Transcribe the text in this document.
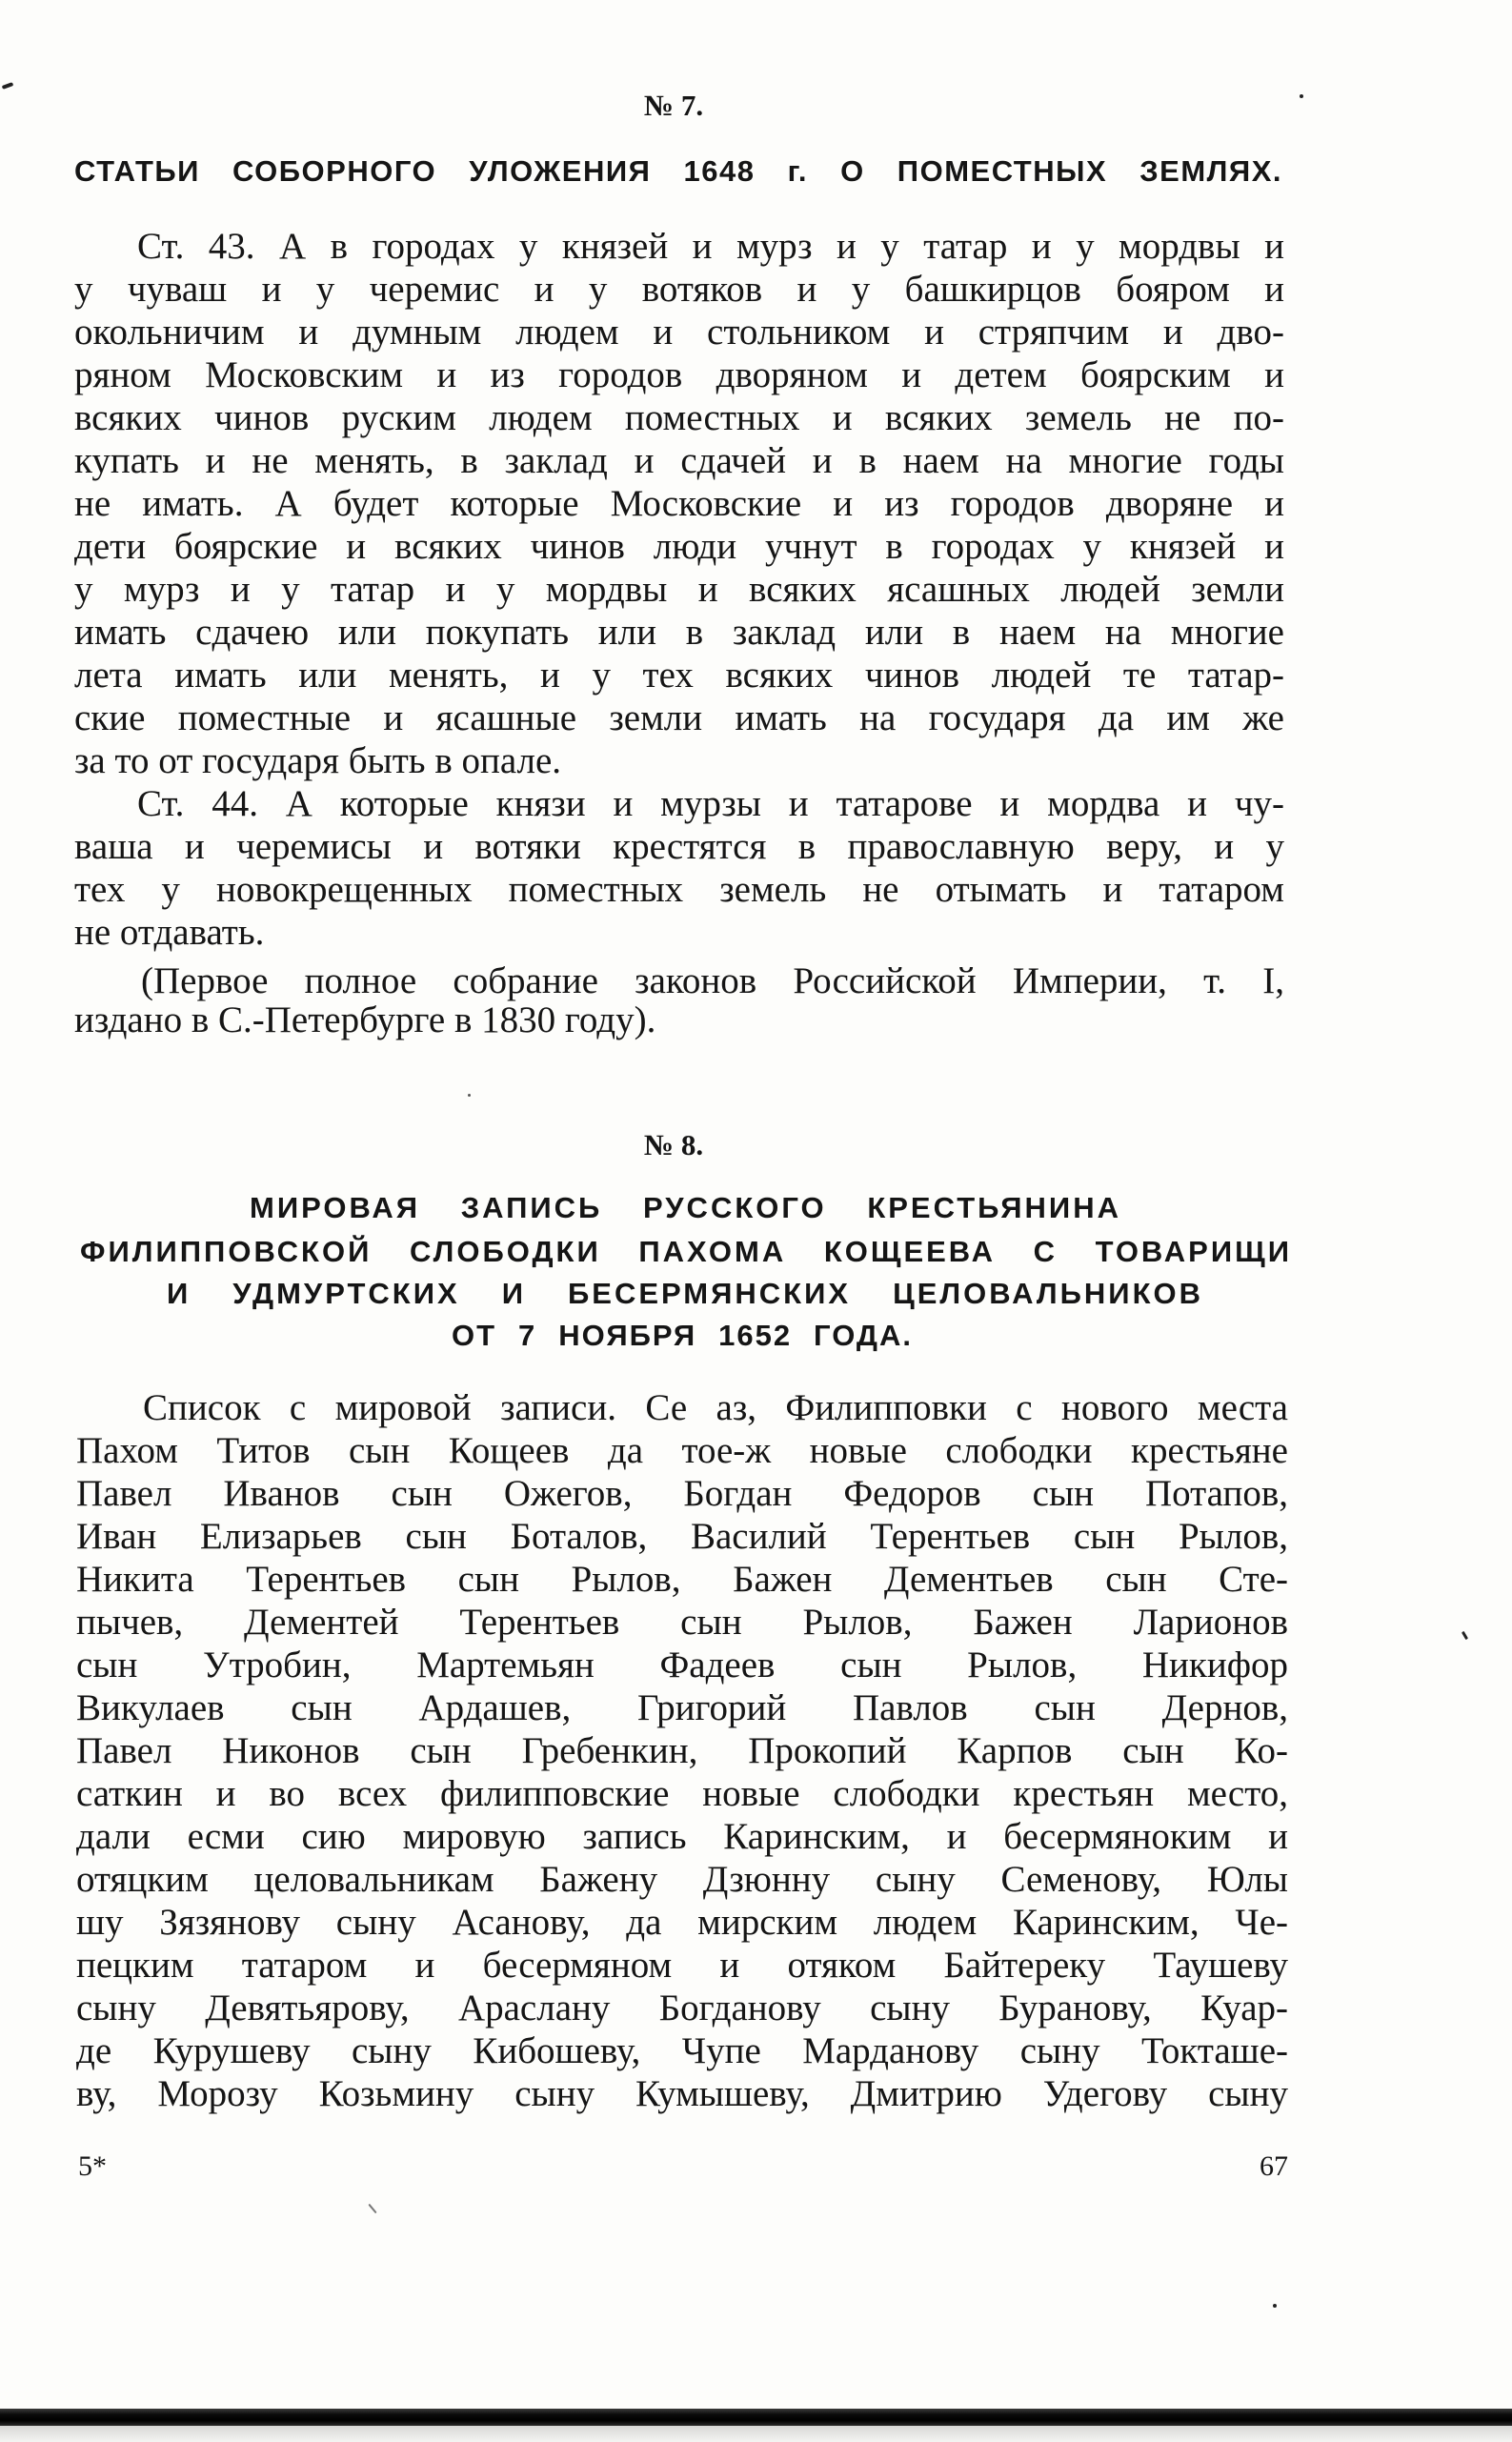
№ 7.
СТАТЬИ СОБОРНОГО УЛОЖЕНИЯ 1648 г. О ПОМЕСТНЫХ ЗЕМЛЯХ.
Ст. 43. А в городах у князей и мурз и у татар и у мордвы и
у чуваш и у черемис и у вотяков и у башкирцов бояром и
окольничим и думным людем и стольником и стряпчим и дво-
ряном Московским и из городов дворяном и детем боярским и
всяких чинов руским людем поместных и всяких земель не по-
купать и не менять, в заклад и сдачей и в наем на многие годы
не имать. А будет которые Московские и из городов дворяне и
дети боярские и всяких чинов люди учнут в городах у князей и
у мурз и у татар и у мордвы и всяких ясашных людей земли
имать сдачею или покупать или в заклад или в наем на многие
лета имать или менять, и у тех всяких чинов людей те татар-
ские поместные и ясашные земли имать на государя да им же
за то от государя быть в опале.
Ст. 44. А которые князи и мурзы и татарове и мордва и чу-
ваша и черемисы и вотяки крестятся в православную веру, и у
тех у новокрещенных поместных земель не отымать и татаром
не отдавать.
(Первое полное собрание законов Российской Империи, т. I,
издано в С.-Петербурге в 1830 году).
№ 8.
МИРОВАЯ ЗАПИСЬ РУССКОГО КРЕСТЬЯНИНА
ФИЛИППОВСКОЙ СЛОБОДКИ ПАХОМА КОЩЕЕВА С ТОВАРИЩИ
И УДМУРТСКИХ И БЕСЕРМЯНСКИХ ЦЕЛОВАЛЬНИКОВ
ОТ 7 НОЯБРЯ 1652 ГОДА.
Список с мировой записи. Се аз, Филипповки с нового места
Пахом Титов сын Кощеев да тое-ж новые слободки крестьяне
Павел Иванов сын Ожегов, Богдан Федоров сын Потапов,
Иван Елизарьев сын Боталов, Василий Терентьев сын Рылов,
Никита Терентьев сын Рылов, Бажен Дементьев сын Сте-
пычев, Дементей Терентьев сын Рылов, Бажен Ларионов
сын Утробин, Мартемьян Фадеев сын Рылов, Никифор
Викулаев сын Ардашев, Григорий Павлов сын Дернов,
Павел Никонов сын Гребенкин, Прокопий Карпов сын Ко-
саткин и во всех филипповские новые слободки крестьян место,
дали есми сию мировую запись Каринским, и бесермяноким и
отяцким целовальникам Бажену Дзюнну сыну Семенову, Юлы
шу Зязянову сыну Асанову, да мирским людем Каринским, Че-
пецким татаром и бесермяном и отяком Байтереку Таушеву
сыну Девятьярову, Араслану Богданову сыну Буранову, Куар-
де Курушеву сыну Кибошеву, Чупе Марданову сыну Токташе-
ву, Морозу Козьмину сыну Кумышеву, Дмитрию Удегову сыну
5*	67
